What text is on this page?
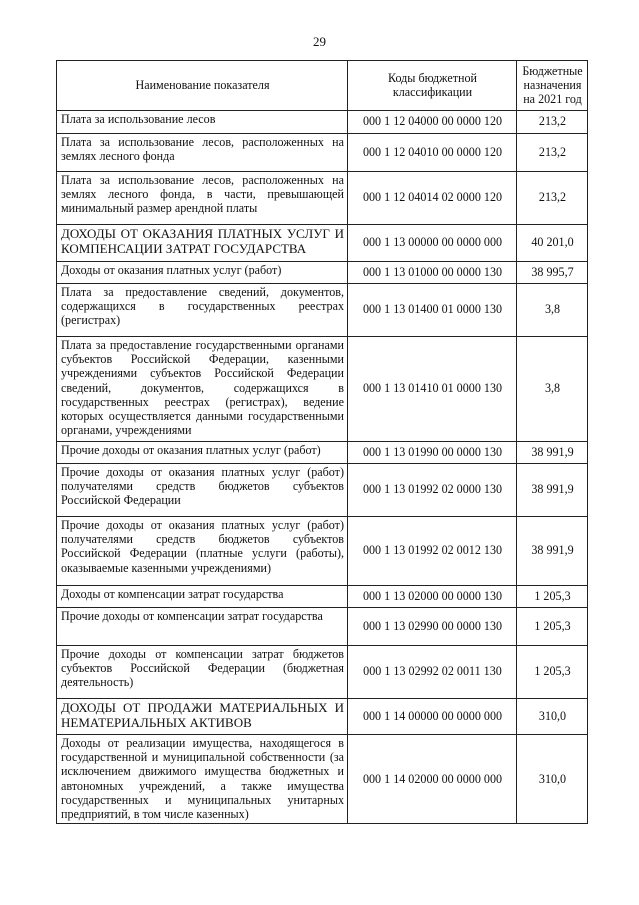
29
Наименование показателя	Коды бюджетной классификации	Бюджетные назначения на 2021 год
Плата за использование лесов	000 1 12 04000 00 0000 120	213,2
Плата за использование лесов, расположенных на землях лесного фонда	000 1 12 04010 00 0000 120	213,2
Плата за использование лесов, расположенных на землях лесного фонда, в части, превышающей минимальный размер арендной платы	000 1 12 04014 02 0000 120	213,2
ДОХОДЫ ОТ ОКАЗАНИЯ ПЛАТНЫХ УСЛУГ И КОМПЕНСАЦИИ ЗАТРАТ ГОСУДАРСТВА	000 1 13 00000 00 0000 000	40 201,0
Доходы от оказания платных услуг (работ)	000 1 13 01000 00 0000 130	38 995,7
Плата за предоставление сведений, документов, содержащихся в государственных реестрах (регистрах)	000 1 13 01400 01 0000 130	3,8
Плата за предоставление государственными органами субъектов Российской Федерации, казенными учреждениями субъектов Российской Федерации сведений, документов, содержащихся в государственных реестрах (регистрах), ведение которых осуществляется данными государственными органами, учреждениями	000 1 13 01410 01 0000 130	3,8
Прочие доходы от оказания платных услуг (работ)	000 1 13 01990 00 0000 130	38 991,9
Прочие доходы от оказания платных услуг (работ) получателями средств бюджетов субъектов Российской Федерации	000 1 13 01992 02 0000 130	38 991,9
Прочие доходы от оказания платных услуг (работ) получателями средств бюджетов субъектов Российской Федерации (платные услуги (работы), оказываемые казенными учреждениями)	000 1 13 01992 02 0012 130	38 991,9
Доходы от компенсации затрат государства	000 1 13 02000 00 0000 130	1 205,3
Прочие доходы от компенсации затрат государства	000 1 13 02990 00 0000 130	1 205,3
Прочие доходы от компенсации затрат бюджетов субъектов Российской Федерации (бюджетная деятельность)	000 1 13 02992 02 0011 130	1 205,3
ДОХОДЫ ОТ ПРОДАЖИ МАТЕРИАЛЬНЫХ И НЕМАТЕРИАЛЬНЫХ АКТИВОВ	000 1 14 00000 00 0000 000	310,0
Доходы от реализации имущества, находящегося в государственной и муниципальной собственности (за исключением движимого имущества бюджетных и автономных учреждений, а также имущества государственных и муниципальных унитарных предприятий, в том числе казенных)	000 1 14 02000 00 0000 000	310,0
